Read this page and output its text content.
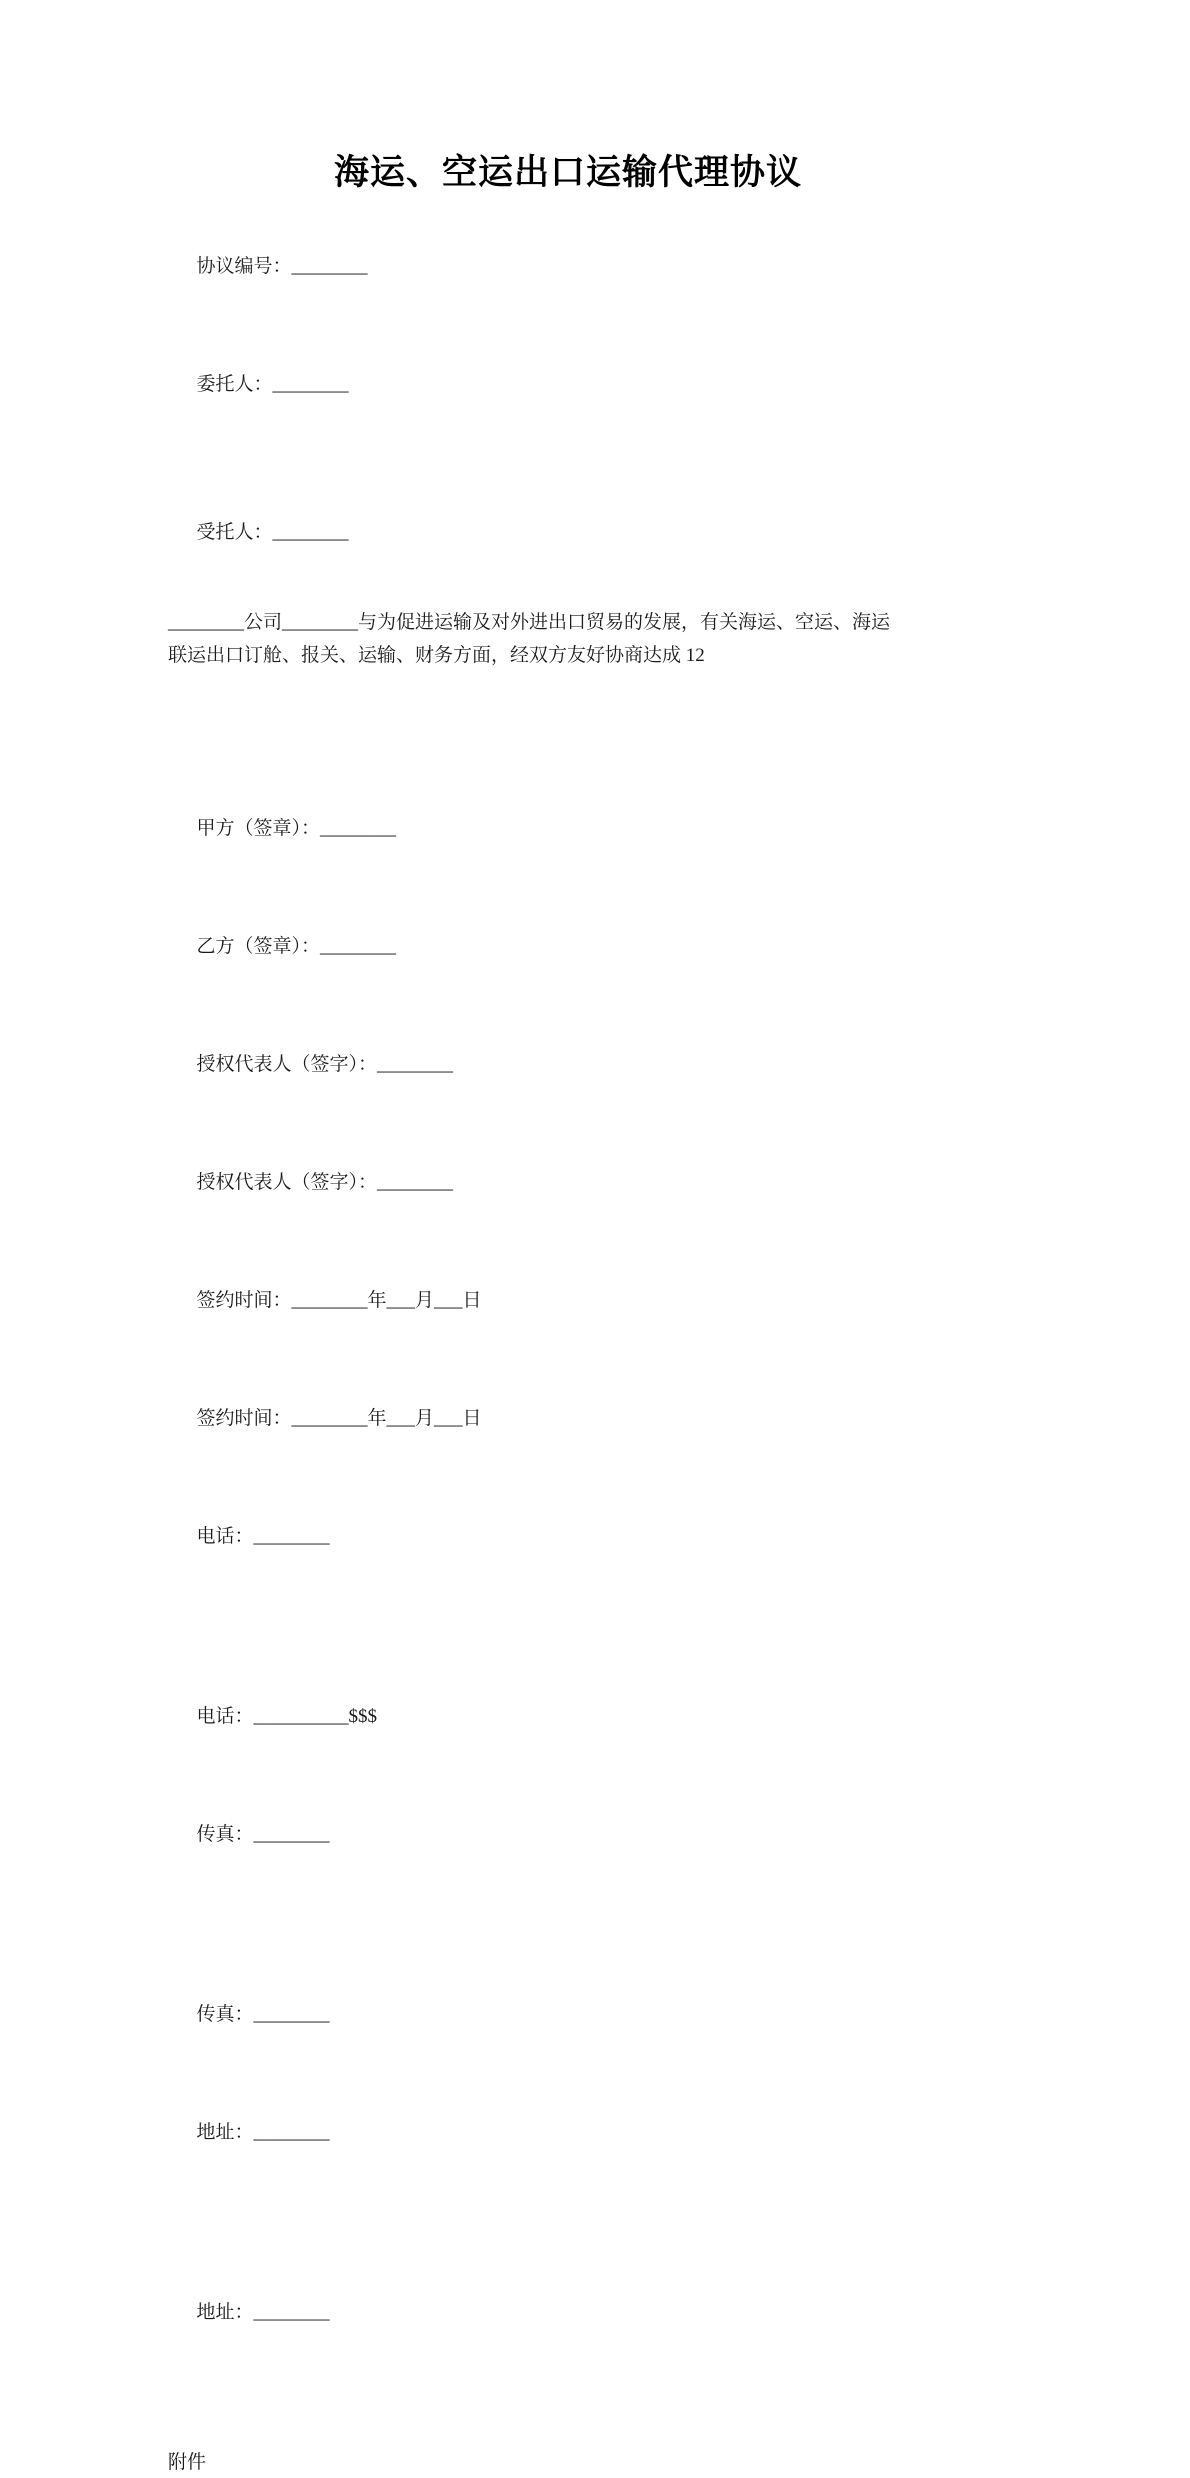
海运、空运出口运输代理协议

协议编号：________

委托人：________

受托人：________

________公司________与为促进运输及对外进出口贸易的发展，有关海运、空运、海运
联运出口订舱、报关、运输、财务方面，经双方友好协商达成 12

甲方（签章）：________

乙方（签章）：________

授权代表人（签字）：________

授权代表人（签字）：________

签约时间：________年___月___日

签约时间：________年___月___日

电话：________

电话：__________$$$

传真：________

传真：________

地址：________

地址：________

附件
